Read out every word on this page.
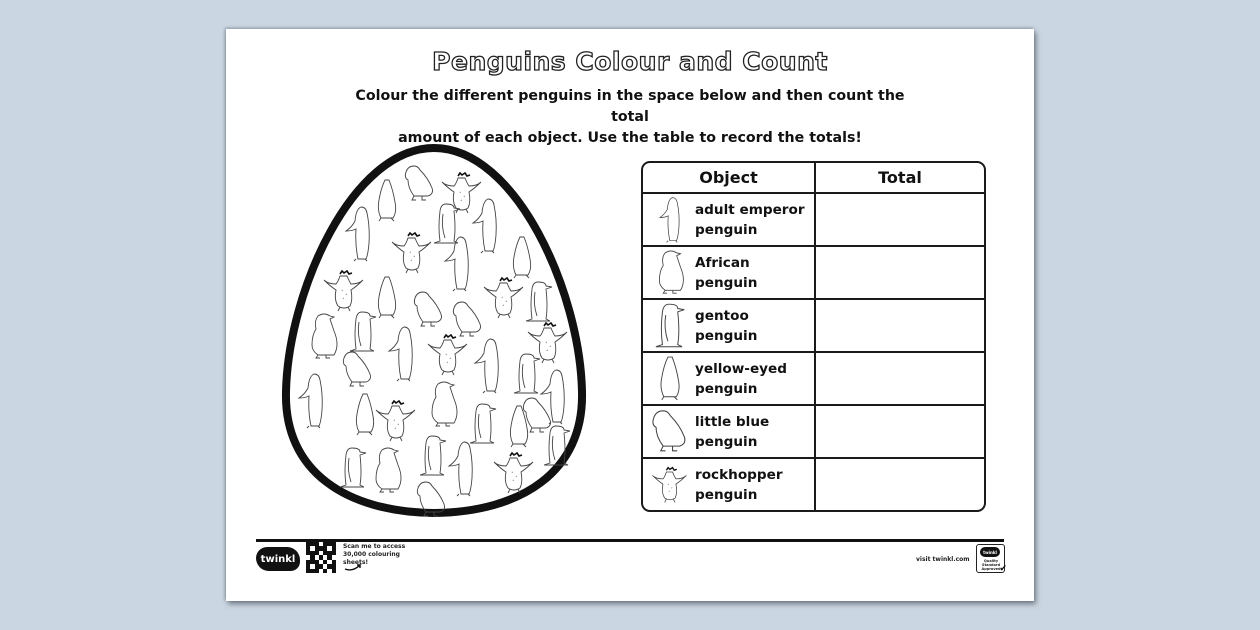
Penguins Colour and Count
Colour the different penguins in the space below and then count the total
amount of each object. Use the table to record the totals!
Object	Total

adult emperor
penguin	

African penguin	

gentoo penguin	

yellow-eyed
penguin	

little blue
penguin	

rockhopper
penguin	

twinkl
Scan me to access 30,000 colouring sheets!	visit twinkl.com
twinkl
Quality Standard Approved
✔
